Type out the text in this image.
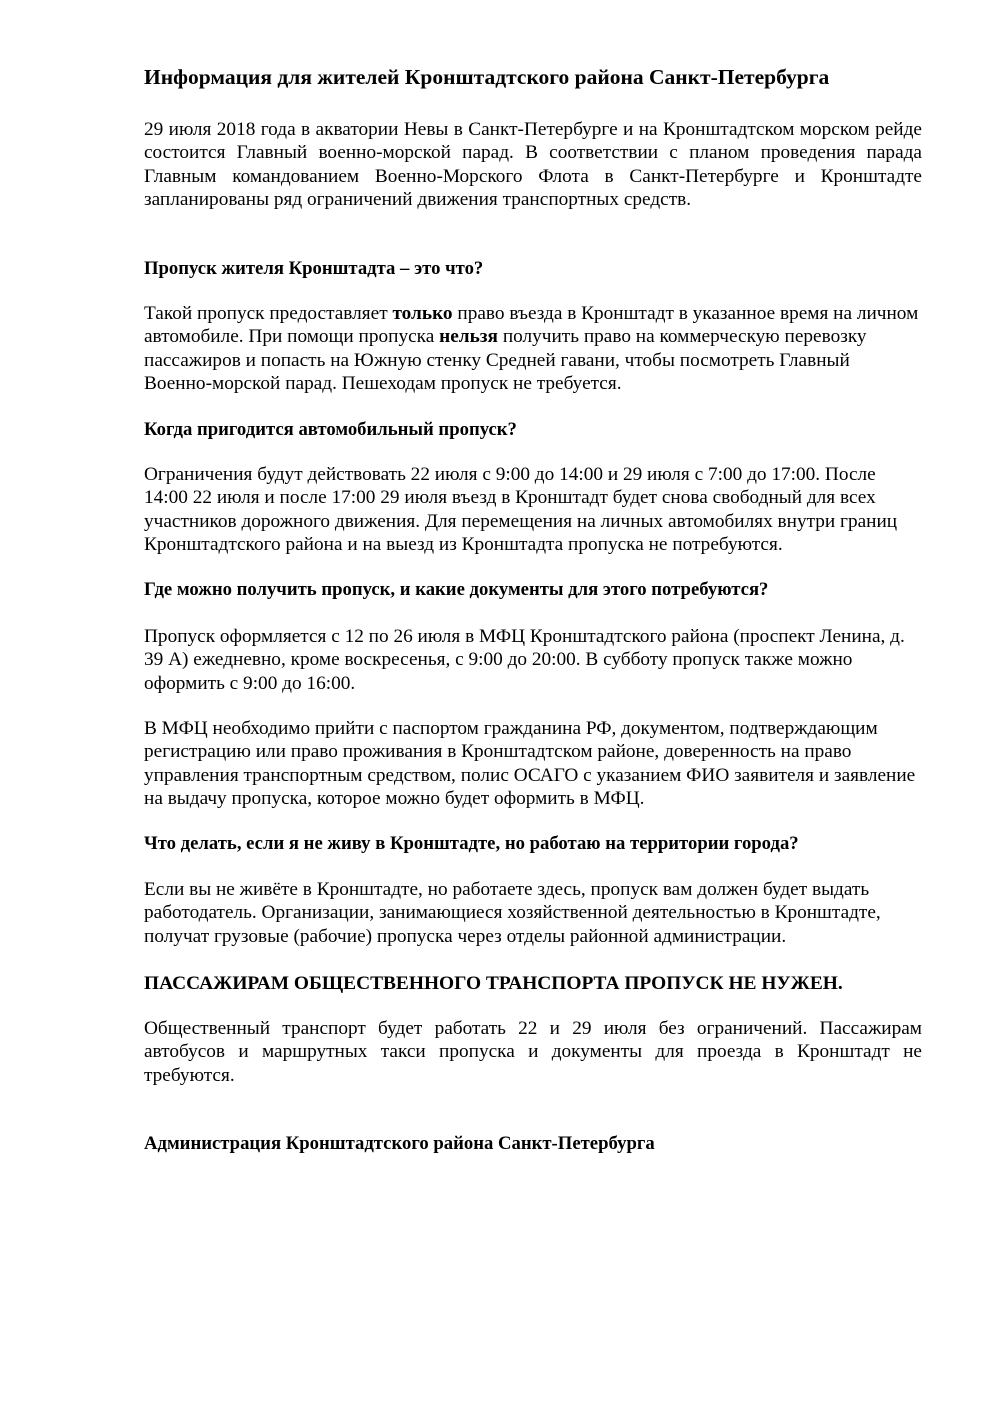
Информация для жителей Кронштадтского района Санкт-Петербурга

29 июля 2018 года в акватории Невы в Санкт-Петербурге и на Кронштадтском морском рейде состоится Главный военно-морской парад. В соответствии с планом проведения парада Главным командованием Военно-Морского Флота в Санкт-Петербурге и Кронштадте запланированы ряд ограничений движения транспортных средств.

Пропуск жителя Кронштадта – это что?

Такой пропуск предоставляет только право въезда в Кронштадт в указанное время на личном автомобиле. При помощи пропуска нельзя получить право на коммерческую перевозку пассажиров и попасть на Южную стенку Средней гавани, чтобы посмотреть Главный Военно-морской парад. Пешеходам пропуск не требуется.

Когда пригодится автомобильный пропуск?

Ограничения будут действовать 22 июля с 9:00 до 14:00 и 29 июля с 7:00 до 17:00. После 14:00 22 июля и после 17:00 29 июля въезд в Кронштадт будет снова свободный для всех участников дорожного движения. Для перемещения на личных автомобилях внутри границ Кронштадтского района и на выезд из Кронштадта пропуска не потребуются.

Где можно получить пропуск, и какие документы для этого потребуются?

Пропуск оформляется с 12 по 26 июля в МФЦ Кронштадтского района (проспект Ленина, д. 39 А) ежедневно, кроме воскресенья, с 9:00 до 20:00. В субботу пропуск также можно оформить с 9:00 до 16:00.

В МФЦ необходимо прийти с паспортом гражданина РФ, документом, подтверждающим регистрацию или право проживания в Кронштадтском районе, доверенность на право управления транспортным средством, полис ОСАГО с указанием ФИО заявителя и заявление на выдачу пропуска, которое можно будет оформить в МФЦ.

Что делать, если я не живу в Кронштадте, но работаю на территории города?

Если вы не живёте в Кронштадте, но работаете здесь, пропуск вам должен будет выдать работодатель. Организации, занимающиеся хозяйственной деятельностью в Кронштадте, получат грузовые (рабочие) пропуска через отделы районной администрации.

ПАССАЖИРАМ ОБЩЕСТВЕННОГО ТРАНСПОРТА ПРОПУСК НЕ НУЖЕН.

Общественный транспорт будет работать 22 и 29 июля без ограничений. Пассажирам автобусов и маршрутных такси пропуска и документы для проезда в Кронштадт не требуются.

Администрация Кронштадтского района Санкт-Петербурга
